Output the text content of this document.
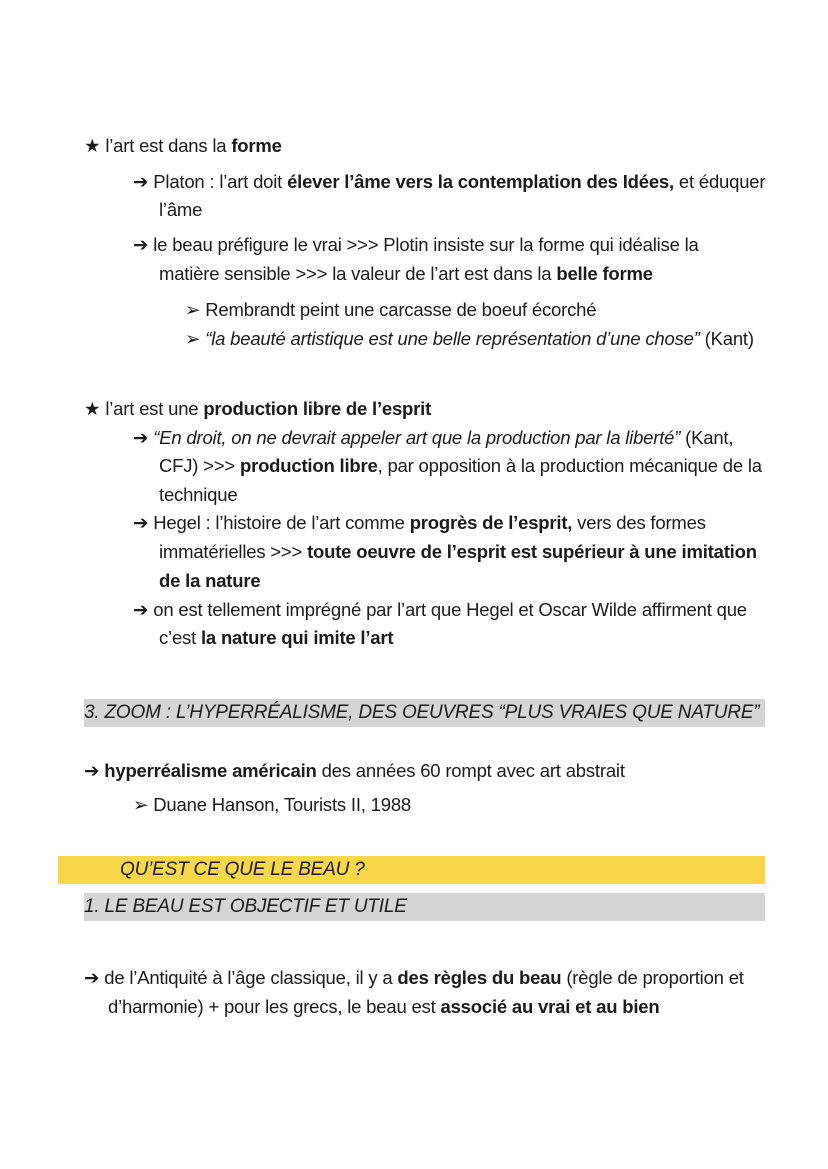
★ l’art est dans la forme
➔ Platon : l’art doit élever l’âme vers la contemplation des Idées, et éduquer
l’âme
➔ le beau préfigure le vrai >>> Plotin insiste sur la forme qui idéalise la
matière sensible >>> la valeur de l’art est dans la belle forme
➢ Rembrandt peint une carcasse de boeuf écorché
➢ “la beauté artistique est une belle représentation d’une chose” (Kant)
★ l’art est une production libre de l’esprit
➔ “En droit, on ne devrait appeler art que la production par la liberté” (Kant,
CFJ) >>> production libre, par opposition à la production mécanique de la
technique
➔ Hegel : l’histoire de l’art comme progrès de l’esprit, vers des formes
immatérielles >>> toute oeuvre de l’esprit est supérieur à une imitation
de la nature
➔ on est tellement imprégné par l’art que Hegel et Oscar Wilde affirment que
c’est la nature qui imite l’art
3. ZOOM : L’HYPERRÉALISME, DES OEUVRES “PLUS VRAIES QUE NATURE”
➔ hyperréalisme américain des années 60 rompt avec art abstrait
➢ Duane Hanson, Tourists II, 1988
QU’EST CE QUE LE BEAU ?
1. LE BEAU EST OBJECTIF ET UTILE
➔ de l’Antiquité à l’âge classique, il y a des règles du beau (règle de proportion et
d’harmonie) + pour les grecs, le beau est associé au vrai et au bien
